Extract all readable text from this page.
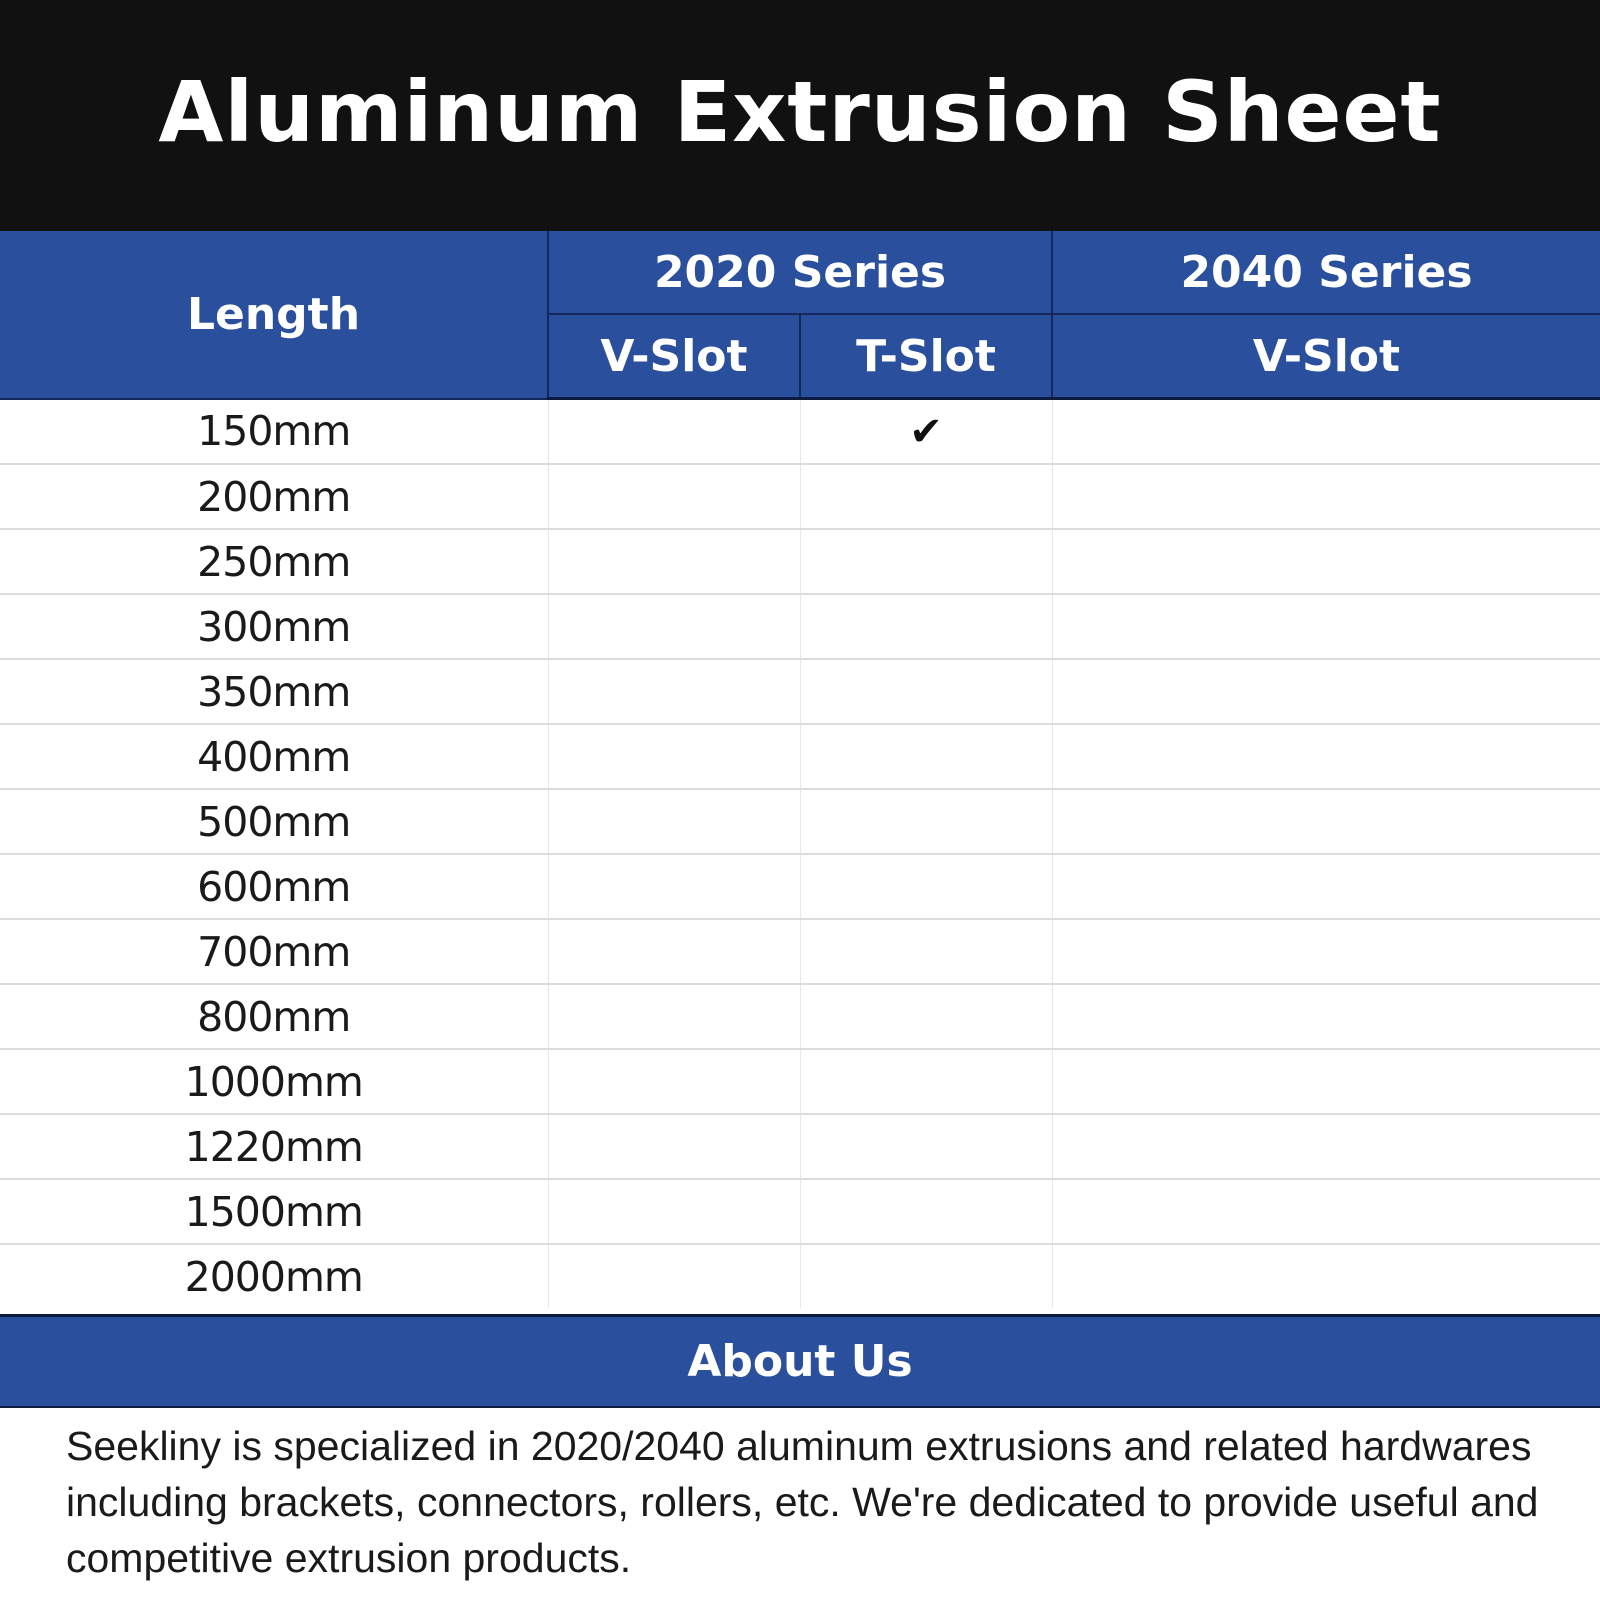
Aluminum Extrusion Sheet
Length	2020 Series		2040 Series
	V-Slot	T-Slot	V-Slot
150mm		✔	
200mm			
250mm			
300mm			
350mm			
400mm			
500mm			
600mm			
700mm			
800mm			
1000mm			
1220mm			
1500mm			
2000mm			
About Us

Seekliny is specialized in 2020/2040 aluminum extrusions and related hardwares including brackets, connectors, rollers, etc. We're dedicated to provide useful and competitive extrusion products.
